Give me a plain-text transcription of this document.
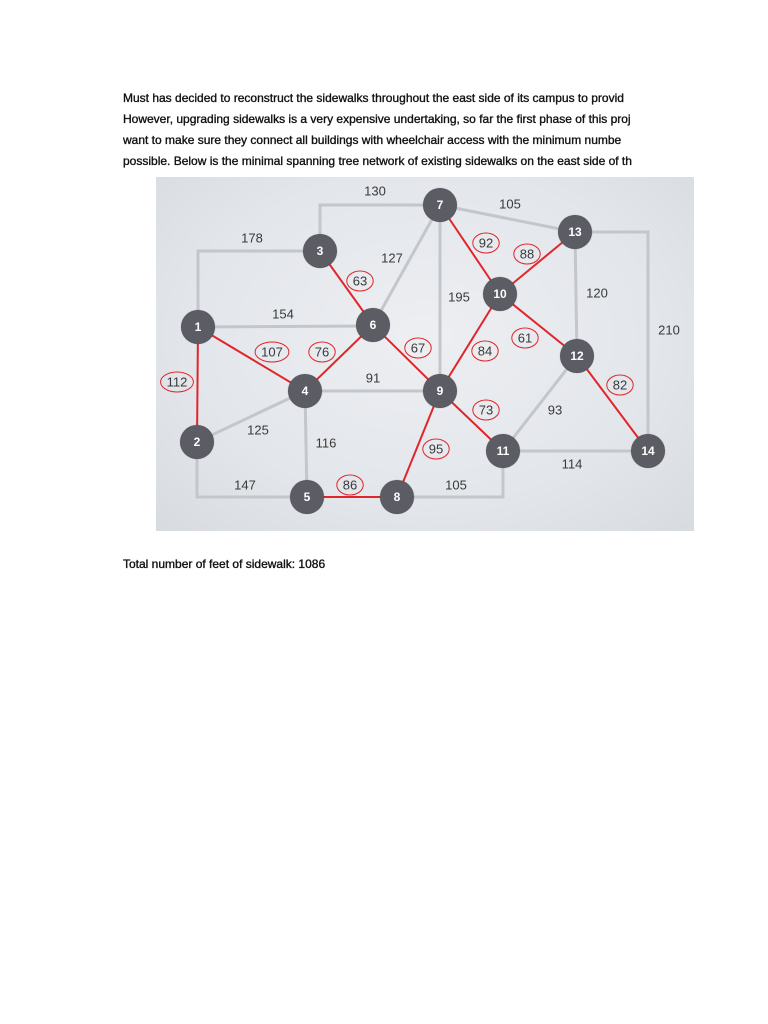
Must has decided to reconstruct the sidewalks throughout the east side of its campus to provid
However, upgrading sidewalks is a very expensive undertaking, so far the first phase of this proj
want to make sure they connect all buildings with wheelchair access with the minimum numbe
possible. Below is the minimal spanning tree network of existing sidewalks on the east side of th
178
130
154
127
195
105
120
210
91
125
116
147	105
114
93
112
107 76
63
67	84
92
88
61
82
73
95
86
1
2
3
4
5
6
7
8
9
10
11
12
13
14
Total number of feet of sidewalk: 1086
